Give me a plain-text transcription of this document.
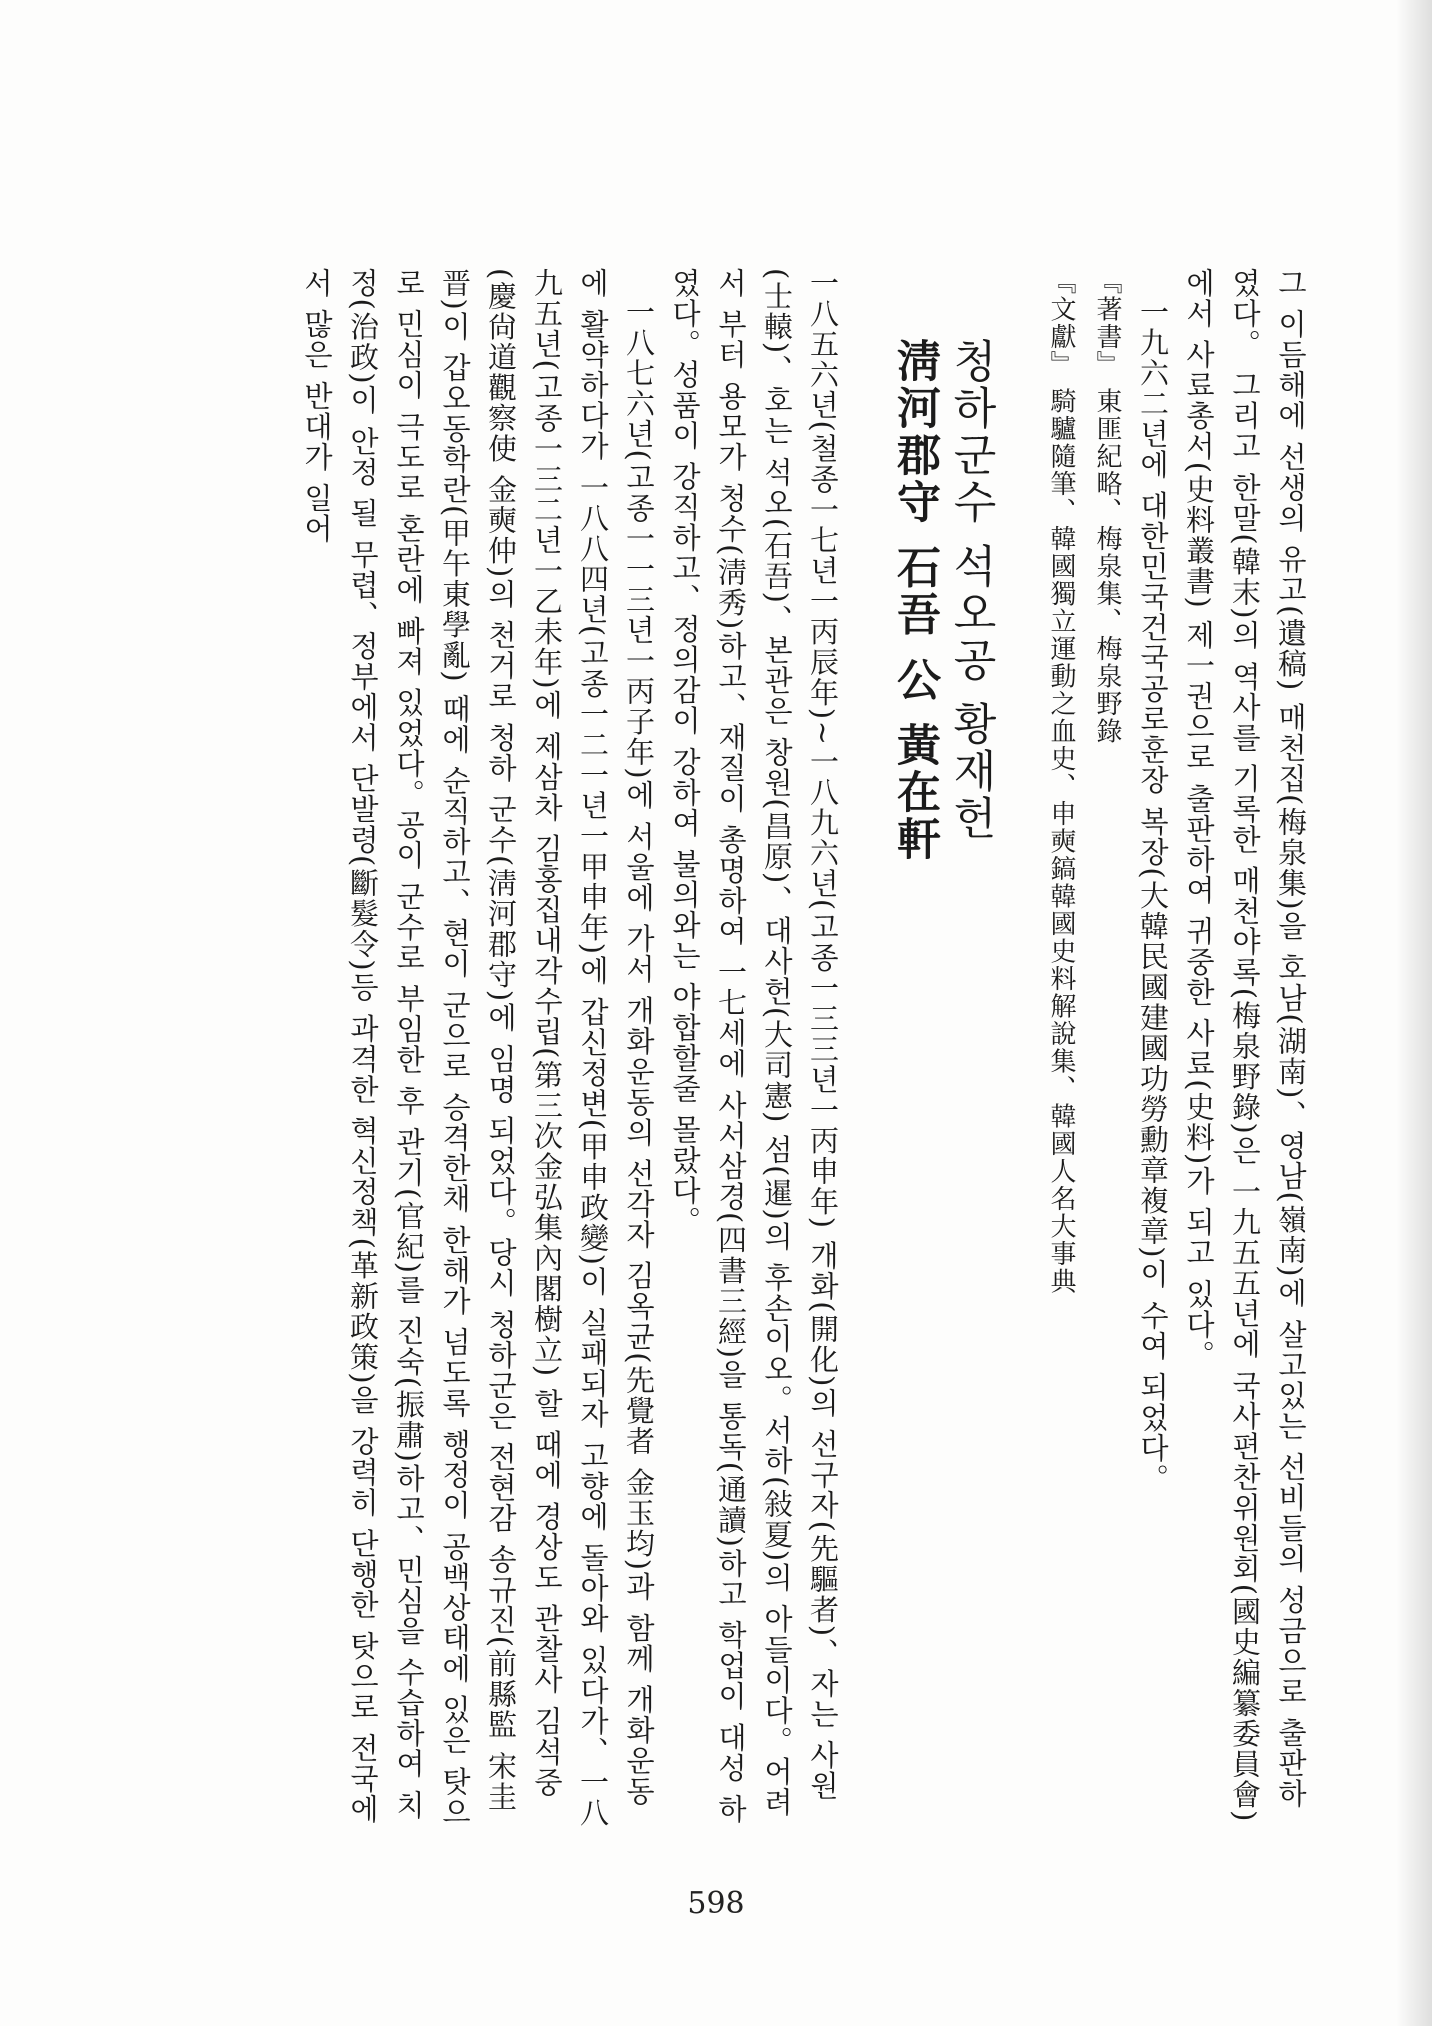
그 이듬해에 선생의 유고(遺稿) 매천집(梅泉集)을 호남(湖南)、영남(嶺南)에 살고있는 선비들의 성금으로 출판하였다。 그리고 한말(韓末)의 역사를 기록한 매천야록(梅泉野錄)은 一九五五년에 국사편찬위원회(國史編纂委員會)에서 사료총서(史料叢書) 제一권으로 출판하여 귀중한 사료(史料)가 되고 있다。

一九六二년에 대한민국건국공로훈장 복장(大韓民國建國功勞勳章複章)이 수여 되었다。

『著書』 東匪紀略、梅泉集、梅泉野錄

『文獻』 騎驢隨筆、韓國獨立運動之血史、申奭鎬韓國史料解說集、韓國人名大事典

청하군수 석오공 황재헌
淸河郡守 石吾 公 黃在軒

一八五六년(철종一七년一丙辰年)~一八九六년(고종一三三년一丙申年) 개화(開化)의 선구자(先驅者)、자는 사원(士轅)、호는 석오(石吾)、본관은 창원(昌原)、대사헌(大司憲) 섬(暹)의 후손이오。서하(敍夏)의 아들이다。어려서 부터 용모가 청수(淸秀)하고、재질이 총명하여 一七세에 사서삼경(四書三經)을 통독(通讀)하고 학업이 대성 하였다。성품이 강직하고、정의감이 강하여 불의와는 야합할줄 몰랐다。

一八七六년(고종一一三년一丙子年)에 서울에 가서 개화운동의 선각자 김옥균(先覺者 金玉均)과 함께 개화운동에 활약하다가 一八八四년(고종一二一년一甲申年)에 갑신정변(甲申政變)이 실패되자 고향에 돌아와 있다가、一八九五년(고종一三二년一乙未年)에 제삼차 김홍집내각수립(第三次金弘集內閣樹立) 할 때에 경상도 관찰사 김석중(慶尙道觀察使 金奭仲)의 천거로 청하 군수(淸河郡守)에 임명 되었다。당시 청하군은 전현감 송규진(前縣監 宋圭晋)이 갑오동학란(甲午東學亂) 때에 순직하고、현이 군으로 승격한채 한해가 넘도록 행정이 공백상태에 있은 탓으로 민심이 극도로 혼란에 빠져 있었다。공이 군수로 부임한 후 관기(官紀)를 진숙(振肅)하고、민심을 수습하여 치정(治政)이 안정 될 무렵、정부에서 단발령(斷髮令)등 과격한 혁신정책(革新政策)을 강력히 단행한 탓으로 전국에서 많은 반대가 일어

598
